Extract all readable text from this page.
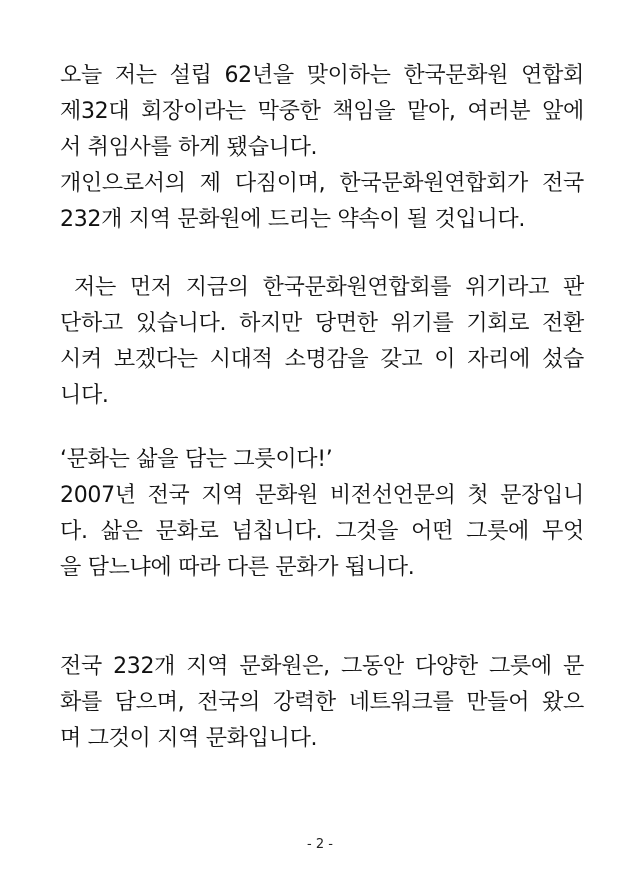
오늘 저는 설립 62년을 맞이하는 한국문화원 연합회
제32대 회장이라는 막중한 책임을 맡아, 여러분 앞에
서 취임사를 하게 됐습니다.
개인으로서의 제 다짐이며, 한국문화원연합회가 전국
232개 지역 문화원에 드리는 약속이 될 것입니다.
저는 먼저 지금의 한국문화원연합회를 위기라고 판
단하고 있습니다. 하지만 당면한 위기를 기회로 전환
시켜 보겠다는 시대적 소명감을 갖고 이 자리에 섰습
니다.
‘문화는 삶을 담는 그릇이다!’
2007년 전국 지역 문화원 비전선언문의 첫 문장입니
다. 삶은 문화로 넘칩니다. 그것을 어떤 그릇에 무엇
을 담느냐에 따라 다른 문화가 됩니다.
전국 232개 지역 문화원은, 그동안 다양한 그릇에 문
화를 담으며, 전국의 강력한 네트워크를 만들어 왔으
며 그것이 지역 문화입니다.
- 2 -
